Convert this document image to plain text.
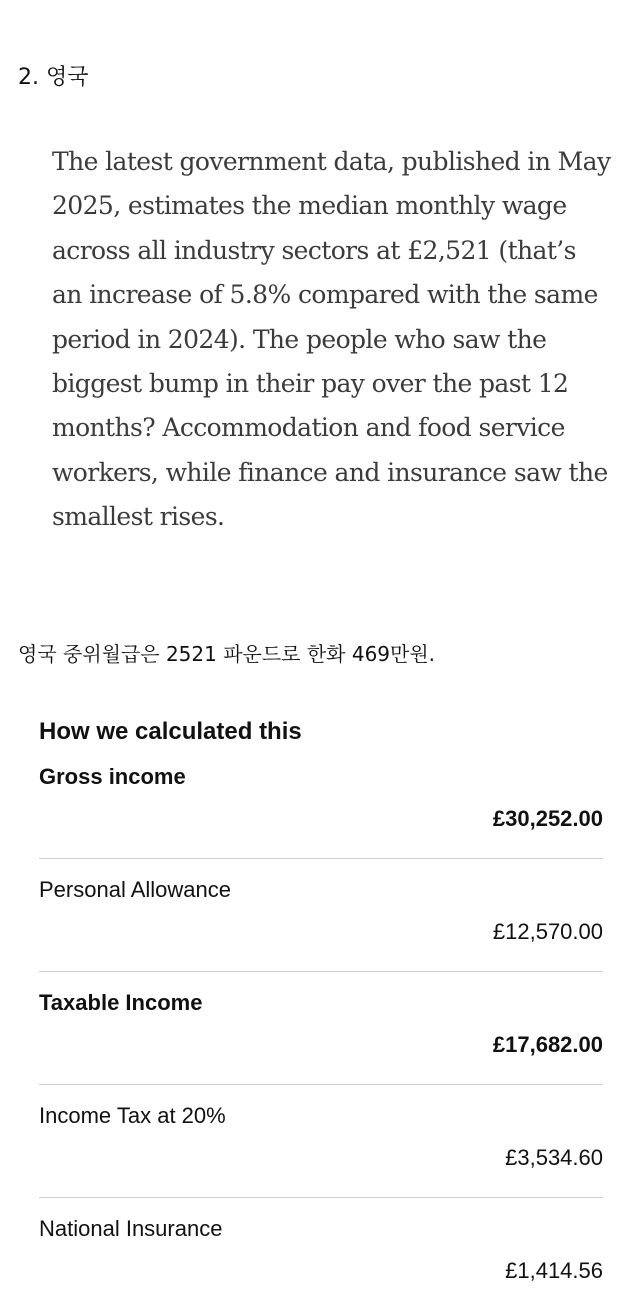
2. 영국
The latest government data, published in May 2025, estimates the median monthly wage across all industry sectors at £2,521 (that’s an increase of 5.8% compared with the same period in 2024). The people who saw the biggest bump in their pay over the past 12 months? Accommodation and food service workers, while finance and insurance saw the smallest rises.
영국 중위월급은 2521 파운드로 한화 469만원.
How we calculated this
Gross income
£30,252.00
Personal Allowance
£12,570.00
Taxable Income
£17,682.00
Income Tax at 20%
£3,534.60
National Insurance
£1,414.56
